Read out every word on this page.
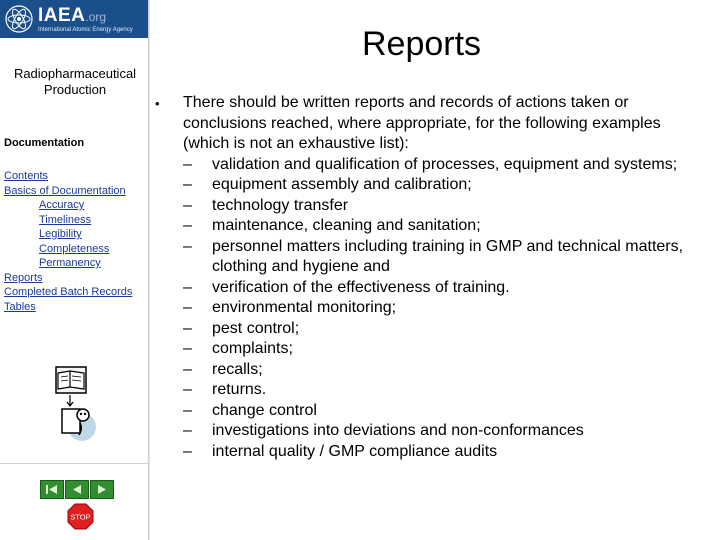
IAEA.org
International Atomic Energy Agency
Radiopharmaceutical Production
Documentation
Contents
Basics of Documentation
Accuracy
Timeliness
Legibility
Completeness
Permanency
Reports
Completed Batch Records
Tables
STOP
Reports
• There should be written reports and records of actions taken or conclusions reached, where appropriate, for the following examples (which is not an exhaustive list):

– validation and qualification of processes, equipment and systems;
– equipment assembly and calibration;
– technology transfer
– maintenance, cleaning and sanitation;
– personnel matters including training in GMP and technical matters, clothing and hygiene and
– verification of the effectiveness of training.
– environmental monitoring;
– pest control;
– complaints;
– recalls;
– returns.
– change control
– investigations into deviations and non-conformances
– internal quality / GMP compliance audits
